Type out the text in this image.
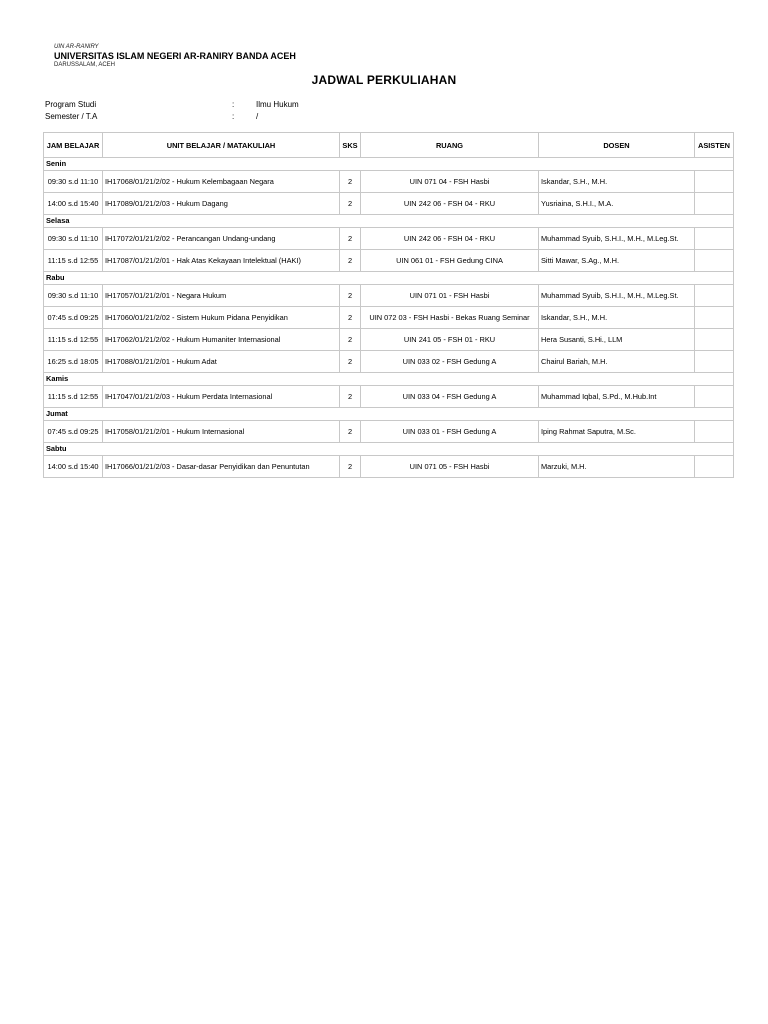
UIN AR-RANIRY
UNIVERSITAS ISLAM NEGERI AR-RANIRY BANDA ACEH
DARUSSALAM, ACEH
JADWAL PERKULIAHAN
Program Studi	:	Ilmu Hukum
Semester / T.A	:	/
JAM BELAJAR	UNIT BELAJAR / MATAKULIAH	SKS	RUANG	DOSEN	ASISTEN
Senin					
09:30 s.d 11:10	IH17068/01/21/2/02 - Hukum Kelembagaan Negara	2	UIN 071 04 - FSH Hasbi	Iskandar, S.H., M.H.	
14:00 s.d 15:40	IH17089/01/21/2/03 - Hukum Dagang	2	UIN 242 06 - FSH 04 - RKU	Yusriaina, S.H.I., M.A.	
Selasa					
09:30 s.d 11:10	IH17072/01/21/2/02 - Perancangan Undang-undang	2	UIN 242 06 - FSH 04 - RKU	Muhammad Syuib, S.H.I., M.H., M.Leg.St.	
11:15 s.d 12:55	IH17087/01/21/2/01 - Hak Atas Kekayaan Intelektual (HAKI)	2	UIN 061 01 - FSH Gedung CINA	Sitti Mawar, S.Ag., M.H.	
Rabu					
09:30 s.d 11:10	IH17057/01/21/2/01 - Negara Hukum	2	UIN 071 01 - FSH Hasbi	Muhammad Syuib, S.H.I., M.H., M.Leg.St.	
07:45 s.d 09:25	IH17060/01/21/2/02 - Sistem Hukum Pidana Penyidikan	2	UIN 072 03 - FSH Hasbi - Bekas Ruang Seminar	Iskandar, S.H., M.H.	
11:15 s.d 12:55	IH17062/01/21/2/02 - Hukum Humaniter Internasional	2	UIN 241 05 - FSH 01 - RKU	Hera Susanti, S.Hi., LLM	
16:25 s.d 18:05	IH17088/01/21/2/01 - Hukum Adat	2	UIN 033 02 - FSH Gedung A	Chairul Bariah, M.H.	
Kamis					
11:15 s.d 12:55	IH17047/01/21/2/03 - Hukum Perdata Internasional	2	UIN 033 04 - FSH Gedung A	Muhammad Iqbal, S.Pd., M.Hub.Int	
Jumat					
07:45 s.d 09:25	IH17058/01/21/2/01 - Hukum Internasional	2	UIN 033 01 - FSH Gedung A	Iping Rahmat Saputra, M.Sc.	
Sabtu					
14:00 s.d 15:40	IH17066/01/21/2/03 - Dasar-dasar Penyidikan dan Penuntutan	2	UIN 071 05 - FSH Hasbi	Marzuki, M.H.	
